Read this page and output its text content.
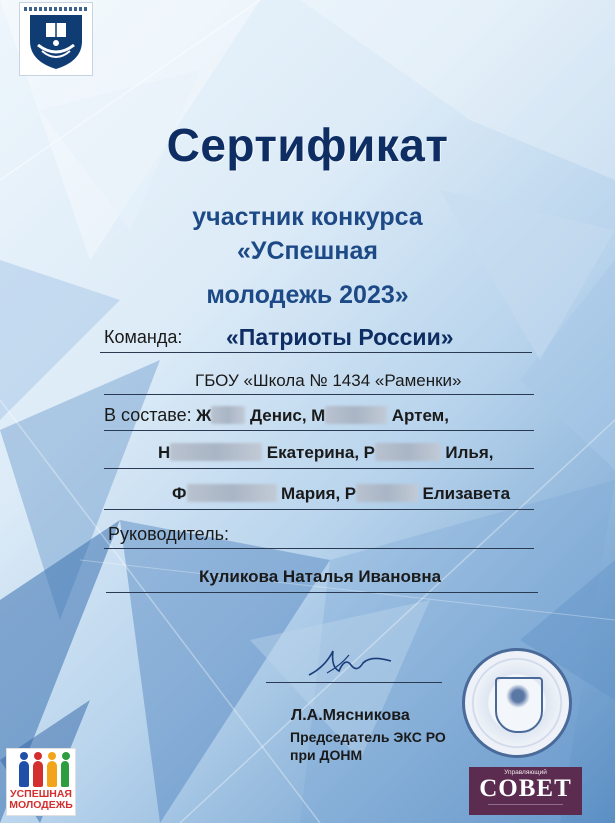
Сертификат
участник конкурса
«УСпешная
молодежь 2023»
Команда: «Патриоты России»
ГБОУ «Школа № 1434 «Раменки»
В составе: Ж Денис, М	Артем,
Н	Екатерина, Р	Илья,
Ф	Мария, Р	Елизавета
Руководитель:
Куликова Наталья Ивановна
Л.А.Мясникова
Председатель ЭКС РО
при ДОНМ
УСПЕШНАЯ
МОЛОДЕЖЬ
Управляющий
СОВЕТ
———————————————
